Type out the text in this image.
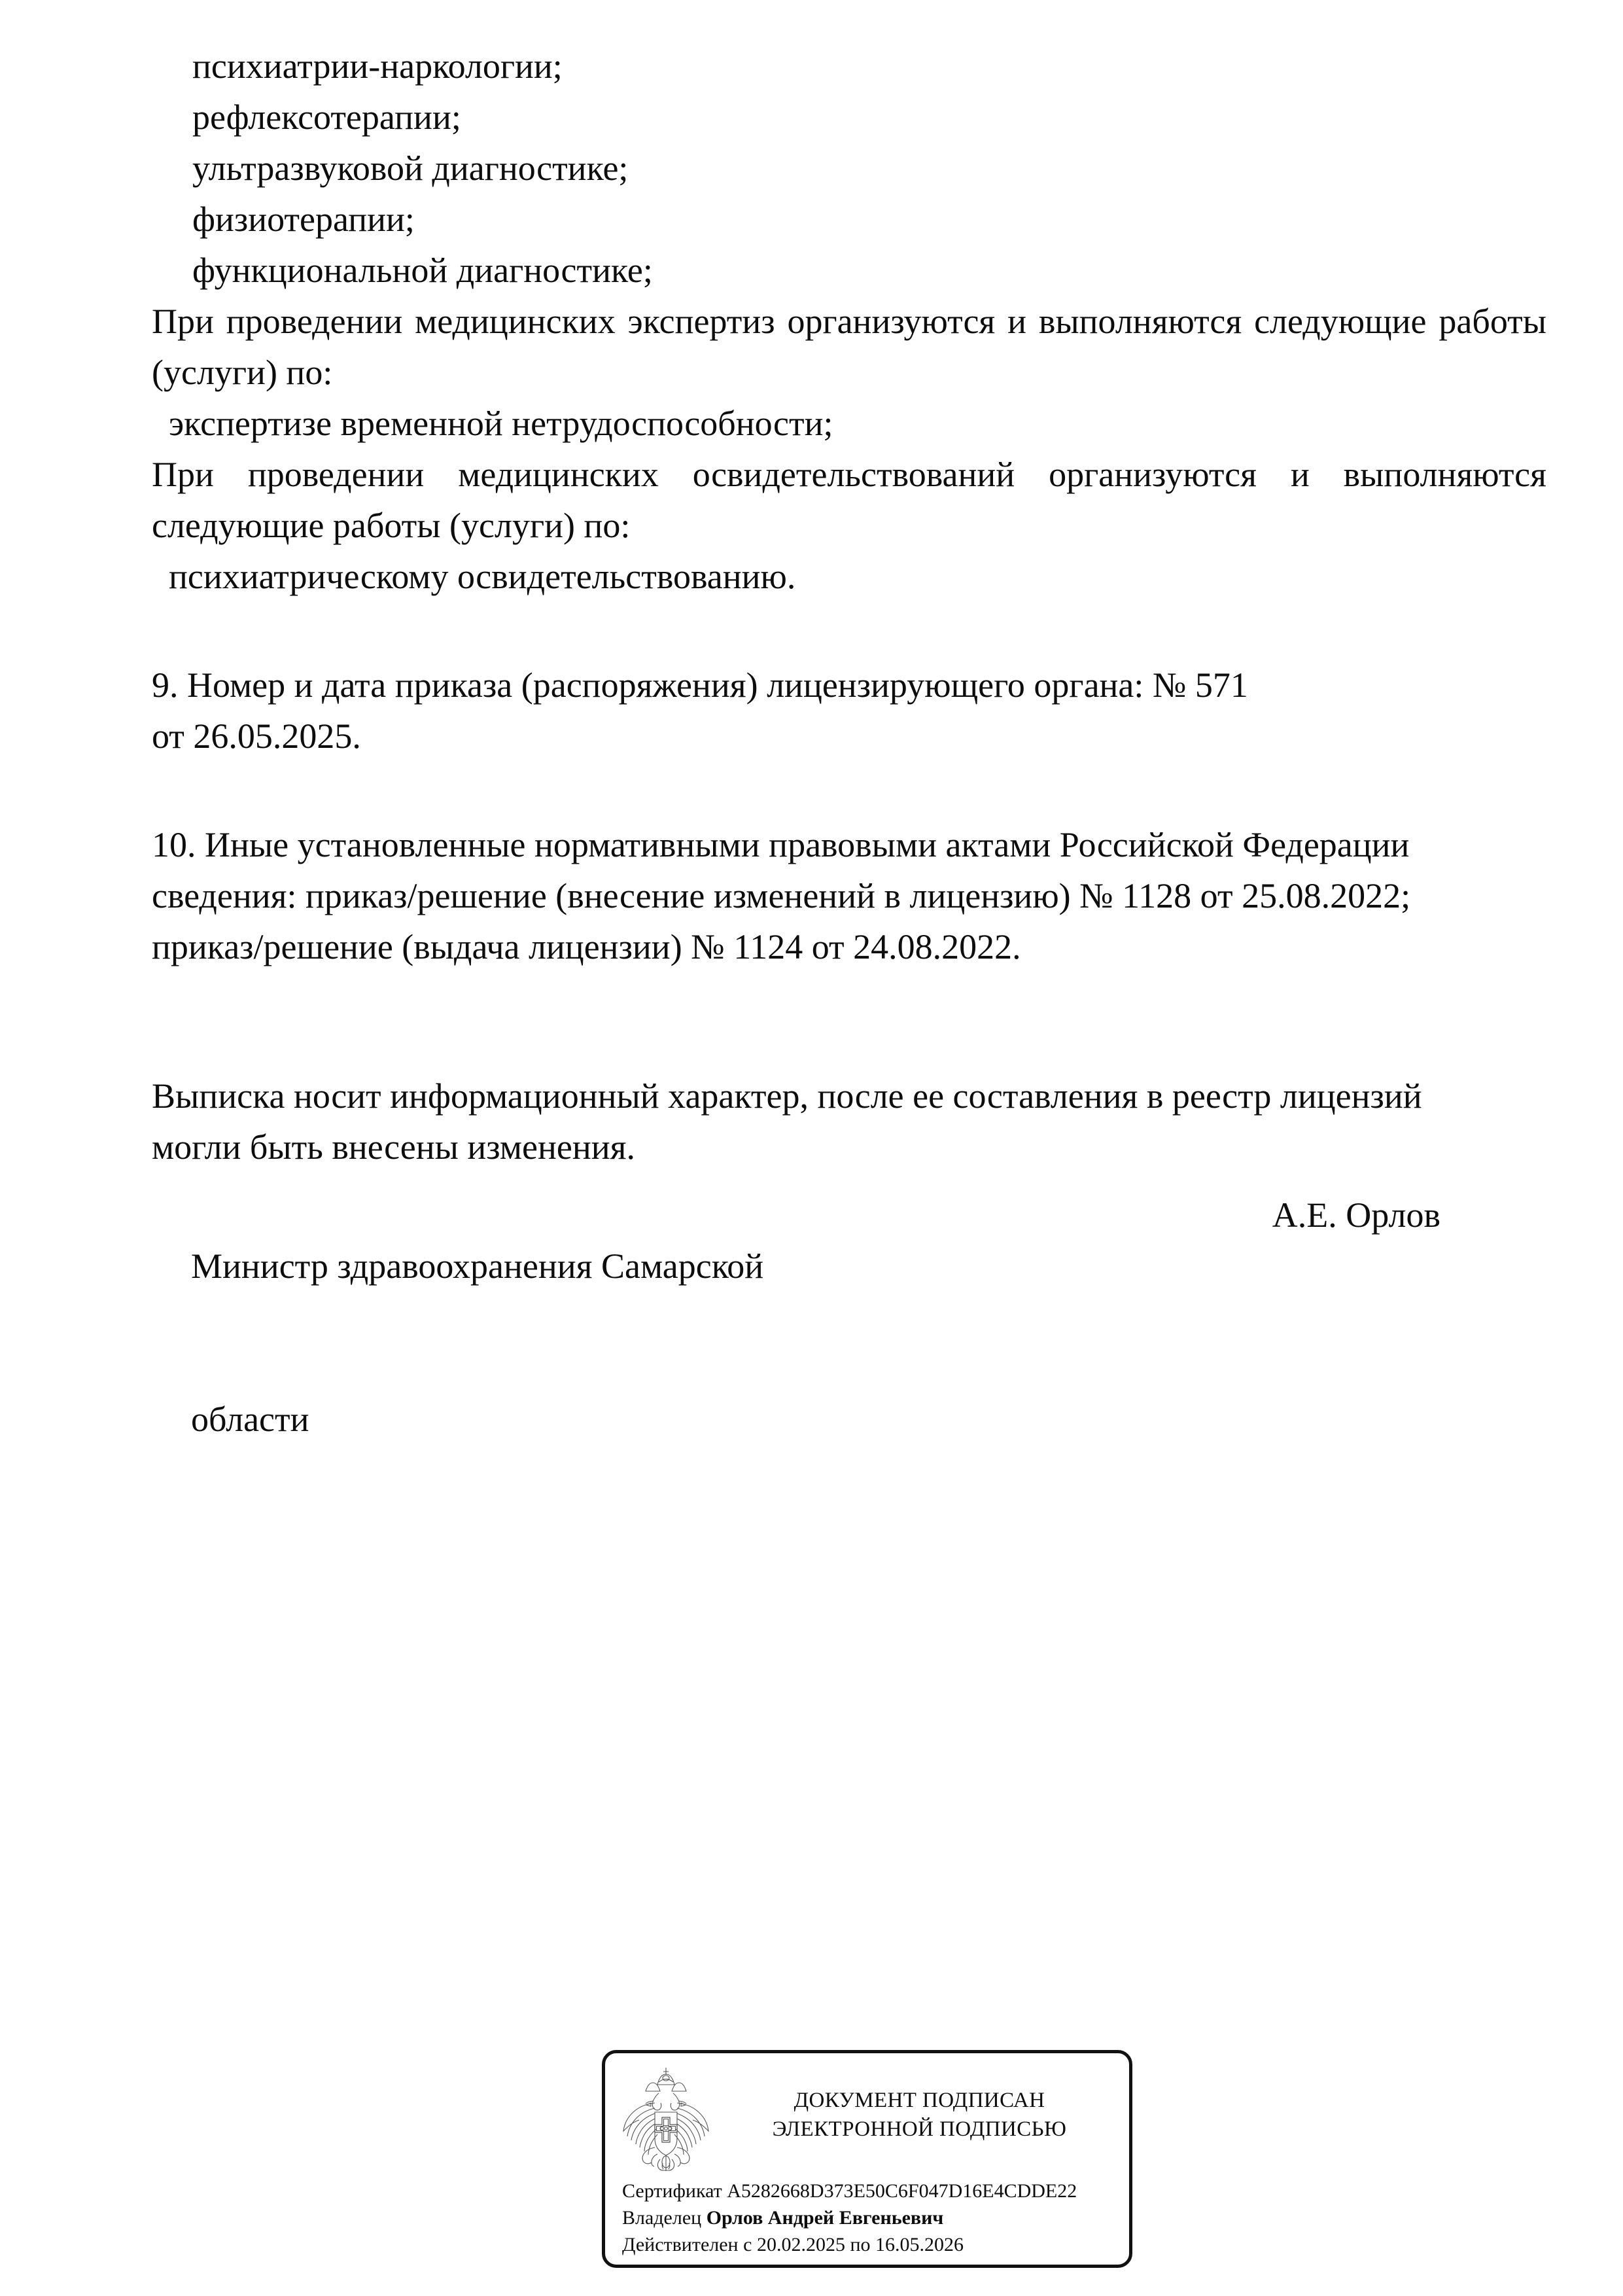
психиатрии-наркологии;
рефлексотерапии;
ультразвуковой диагностике;
физиотерапии;
функциональной диагностике;

При проведении медицинских экспертиз организуются и выполняются следующие работы (услуги) по:

экспертизе временной нетрудоспособности;

При проведении медицинских освидетельствований организуются и выполняются следующие работы (услуги) по:

психиатрическому освидетельствованию.
9. Номер и дата приказа (распоряжения) лицензирующего органа: № 571
от 26.05.2025.
10. Иные установленные нормативными правовыми актами Российской Федерации
сведения: приказ/решение (внесение изменений в лицензию) № 1128 от 25.08.2022;
приказ/решение (выдача лицензии) № 1124 от 24.08.2022.
Выписка носит информационный характер, после ее составления в реестр лицензий
могли быть внесены изменения.

Министр здравоохранения Самарской

области

А.Е. Орлов
ДОКУМЕНТ ПОДПИСАН
ЭЛЕКТРОННОЙ ПОДПИСЬЮ
Сертификат A5282668D373E50C6F047D16E4CDDE22
Владелец Орлов Андрей Евгеньевич
Действителен с 20.02.2025 по 16.05.2026
